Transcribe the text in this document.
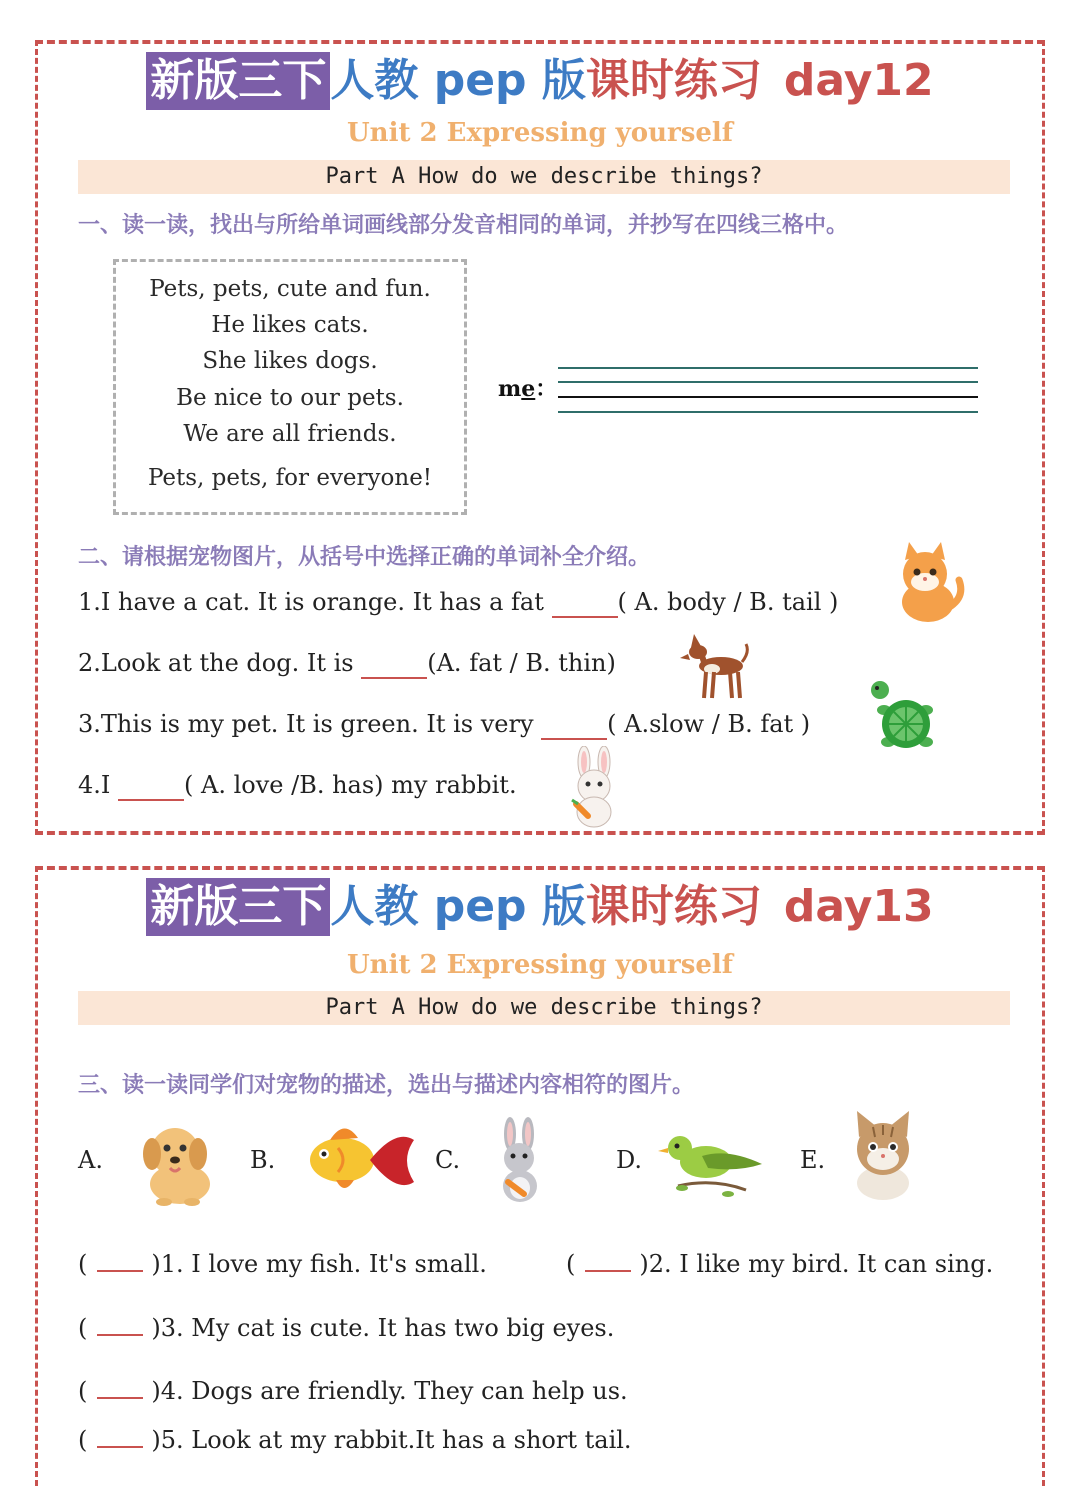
新版三下人教 pep 版课时练习 day12
Unit 2 Expressing yourself
Part A How do we describe things?
一、读一读，找出与所给单词画线部分发音相同的单词，并抄写在四线三格中。
Pets, pets, cute and fun.
He likes cats.
She likes dogs.
Be nice to our pets.
We are all friends.
Pets, pets, for everyone!
me：
二、请根据宠物图片，从括号中选择正确的单词补全介绍。
1.I have a cat. It is orange. It has a fat	( A. body / B. tail )
2.Look at the dog. It is	(A. fat / B. thin)
3.This is my pet. It is green. It is very	( A.slow / B. fat )
4.I	( A. love /B. has) my rabbit.
新版三下人教 pep 版课时练习 day13
Unit 2 Expressing yourself
Part A How do we describe things?
三、读一读同学们对宠物的描述，选出与描述内容相符的图片。
A.	B.	C.	D.	E.
(	)1. I love my fish. It's small.	(	)2. I like my bird. It can sing.
(	)3. My cat is cute. It has two big eyes.
(	)4. Dogs are friendly. They can help us.
(	)5. Look at my rabbit.It has a short tail.
